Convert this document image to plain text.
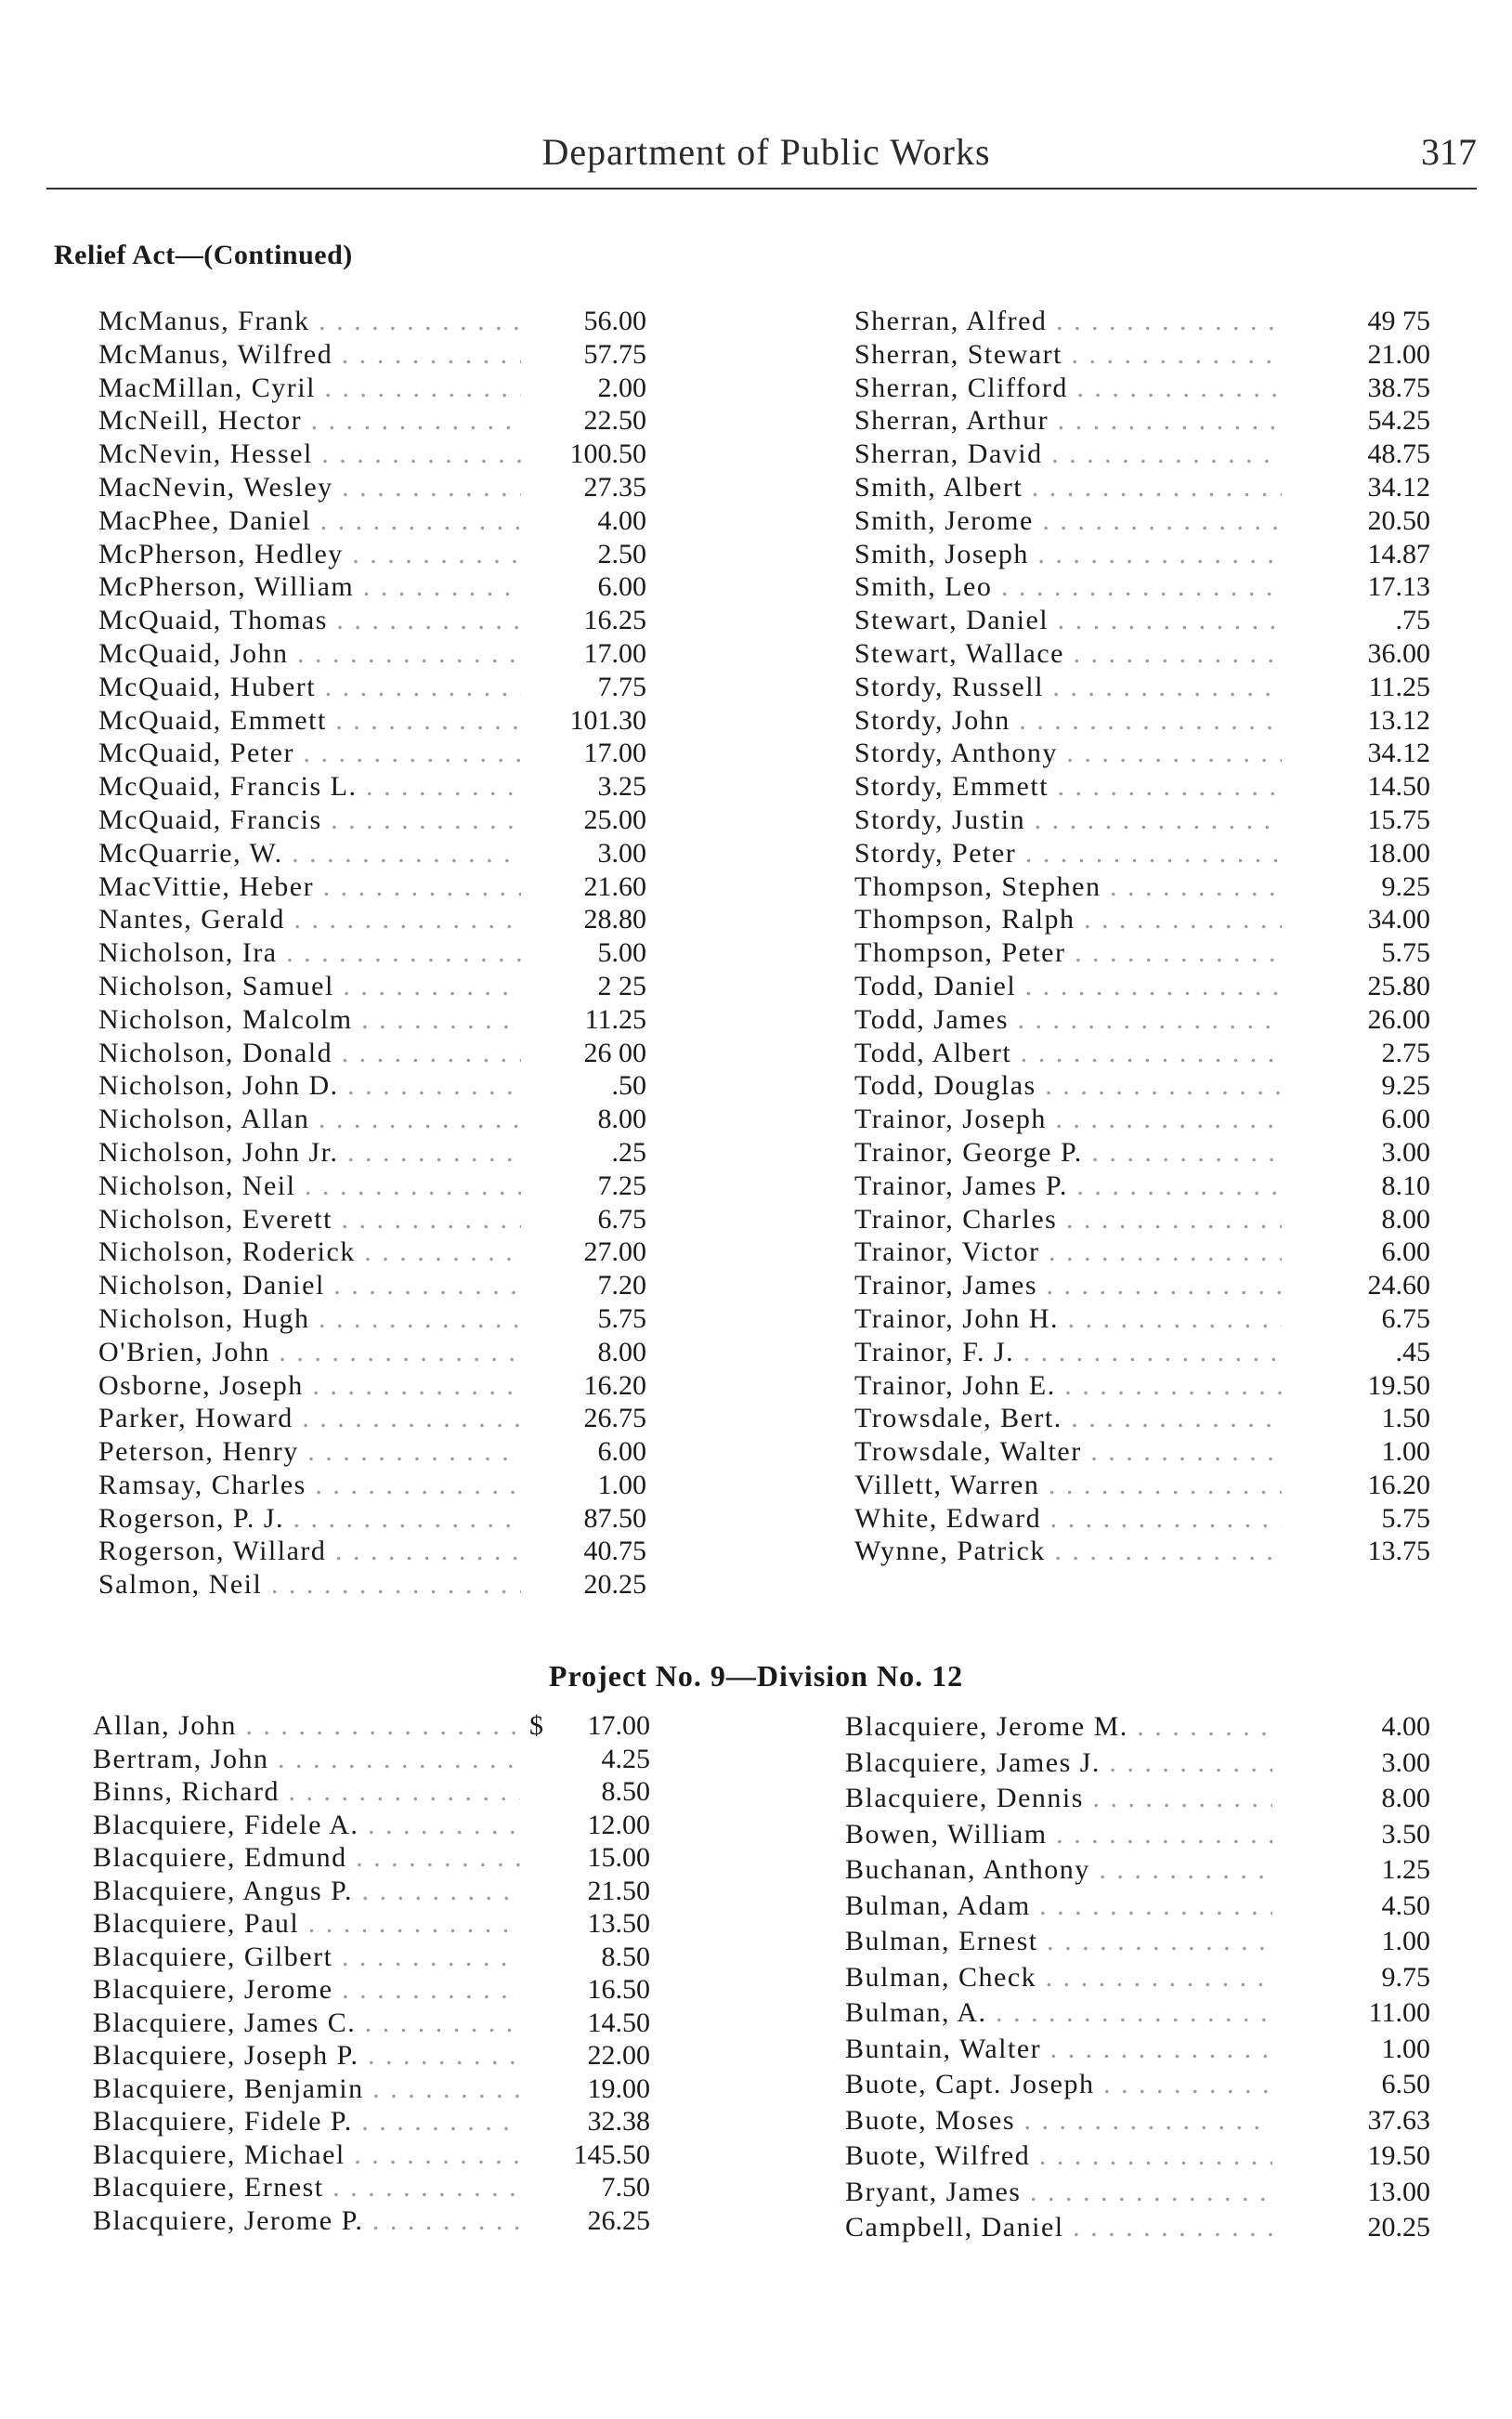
Department of Public Works	317
Relief Act—(Continued)
McManus, Frank . . .	56.00
McManus, Wilfred . . .	57.75
MacMillan, Cyril . . .	2.00
McNeill, Hector . . .	22.50
McNevin, Hessel . . .	100.50
MacNevin, Wesley . . .	27.35
MacPhee, Daniel . . .	4.00
McPherson, Hedley . . .	2.50
McPherson, William . . .	6.00
McQuaid, Thomas . . .	16.25
McQuaid, John . . .	17.00
McQuaid, Hubert . . .	7.75
McQuaid, Emmett . . .	101.30
McQuaid, Peter . . .	17.00
McQuaid, Francis L. . . .	3.25
McQuaid, Francis . . .	25.00
McQuarrie, W. . . .	3.00
MacVittie, Heber . . .	21.60
Nantes, Gerald . . .	28.80
Nicholson, Ira . . .	5.00
Nicholson, Samuel . . .	2 25
Nicholson, Malcolm . . .	11.25
Nicholson, Donald . . .	26 00
Nicholson, John D. . . .	.50
Nicholson, Allan . . .	8.00
Nicholson, John Jr. . . .	.25
Nicholson, Neil . . .	7.25
Nicholson, Everett . . .	6.75
Nicholson, Roderick . . .	27.00
Nicholson, Daniel . . .	7.20
Nicholson, Hugh . . .	5.75
O'Brien, John . . .	8.00
Osborne, Joseph . . .	16.20
Parker, Howard . . .	26.75
Peterson, Henry . . .	6.00
Ramsay, Charles . . .	1.00
Rogerson, P. J. . . .	87.50
Rogerson, Willard . . .	40.75
Salmon, Neil . . .	20.25
Sherran, Alfred . . .	49 75
Sherran, Stewart . . .	21.00
Sherran, Clifford . . .	38.75
Sherran, Arthur . . .	54.25
Sherran, David . . .	48.75
Smith, Albert . . .	34.12
Smith, Jerome . . .	20.50
Smith, Joseph . . .	14.87
Smith, Leo . . .	17.13
Stewart, Daniel . . .	.75
Stewart, Wallace . . .	36.00
Stordy, Russell . . .	11.25
Stordy, John . . .	13.12
Stordy, Anthony . . .	34.12
Stordy, Emmett . . .	14.50
Stordy, Justin . . .	15.75
Stordy, Peter . . .	18.00
Thompson, Stephen . . .	9.25
Thompson, Ralph . . .	34.00
Thompson, Peter . . .	5.75
Todd, Daniel . . .	25.80
Todd, James . . .	26.00
Todd, Albert . . .	2.75
Todd, Douglas . . .	9.25
Trainor, Joseph . . .	6.00
Trainor, George P. . . .	3.00
Trainor, James P. . . .	8.10
Trainor, Charles . . .	8.00
Trainor, Victor . . .	6.00
Trainor, James . . .	24.60
Trainor, John H. . . .	6.75
Trainor, F. J. . . .	.45
Trainor, John E. . . .	19.50
Trowsdale, Bert. . . .	1.50
Trowsdale, Walter . . .	1.00
Villett, Warren . . .	16.20
White, Edward . . .	5.75
Wynne, Patrick . . .	13.75
Project No. 9—Division No. 12
Allan, John . . .	$ 17.00
Bertram, John . . .	4.25
Binns, Richard . . .	8.50
Blacquiere, Fidele A. . . .	12.00
Blacquiere, Edmund . . .	15.00
Blacquiere, Angus P. . . .	21.50
Blacquiere, Paul . . .	13.50
Blacquiere, Gilbert . . .	8.50
Blacquiere, Jerome . . .	16.50
Blacquiere, James C. . . .	14.50
Blacquiere, Joseph P. . . .	22.00
Blacquiere, Benjamin . . .	19.00
Blacquiere, Fidele P. . . .	32.38
Blacquiere, Michael . . .	145.50
Blacquiere, Ernest . . .	7.50
Blacquiere, Jerome P. . . .	26.25
Blacquiere, Jerome M. . . .	4.00
Blacquiere, James J. . . .	3.00
Blacquiere, Dennis . . .	8.00
Bowen, William . . .	3.50
Buchanan, Anthony . . .	1.25
Bulman, Adam . . .	4.50
Bulman, Ernest . . .	1.00
Bulman, Check . . .	9.75
Bulman, A. . . .	11.00
Buntain, Walter . . .	1.00
Buote, Capt. Joseph . . .	6.50
Buote, Moses . . .	37.63
Buote, Wilfred . . .	19.50
Bryant, James . . .	13.00
Campbell, Daniel . . .	20.25
